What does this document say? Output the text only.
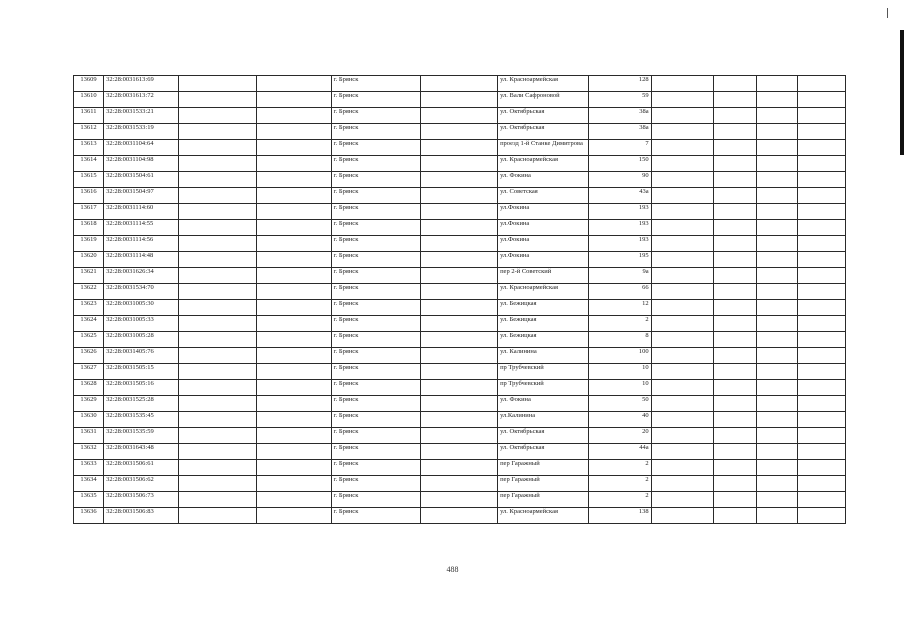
13609	32:28:0031613:69			г. Брянск		ул. Красноармейская	128				
13610	32:28:0031613:72			г. Брянск		ул. Вали Сафроновой	59				
13611	32:28:0031533:21			г. Брянск		ул. Октябрьская	38а				
13612	32:28:0031533:19			г. Брянск		ул. Октябрьская	38а				
13613	32:28:0031104:64			г. Брянск		проезд 1-й Станке Димитрова	7				
13614	32:28:0031104:98			г. Брянск		ул. Красноармейская	150				
13615	32:28:0031504:61			г. Брянск		ул. Фокина	90				
13616	32:28:0031504:97			г. Брянск		ул. Советская	43а				
13617	32:28:0031114:60			г. Брянск		ул.Фокина	193				
13618	32:28:0031114:55			г. Брянск		ул.Фокина	193				
13619	32:28:0031114:56			г. Брянск		ул.Фокина	193				
13620	32:28:0031114:48			г. Брянск		ул.Фокина	195				
13621	32:28:0031626:34			г. Брянск		пер 2-й Советский	9а				
13622	32:28:0031534:70			г. Брянск		ул. Красноармейская	66				
13623	32:28:0031005:30			г. Брянск		ул. Бежицкая	12				
13624	32:28:0031005:33			г. Брянск		ул. Бежицкая	2				
13625	32:28:0031005:28			г. Брянск		ул. Бежицкая	8				
13626	32:28:0031405:76			г. Брянск		ул. Калинина	100				
13627	32:28:0031505:15			г. Брянск		пр Трубчевский	10				
13628	32:28:0031505:16			г. Брянск		пр Трубчевский	10				
13629	32:28:0031525:28			г. Брянск		ул. Фокина	50				
13630	32:28:0031535:45			г. Брянск		ул.Калинина	40				
13631	32:28:0031535:59			г. Брянск		ул. Октябрьская	20				
13632	32:28:0031643:48			г. Брянск		ул. Октябрьская	44а				
13633	32:28:0031506:61			г. Брянск		пер Гаражный	2				
13634	32:28:0031506:62			г. Брянск		пер Гаражный	2				
13635	32:28:0031506:73			г. Брянск		пер Гаражный	2				
13636	32:28:0031506:83			г. Брянск		ул. Красноармейская	138				
488
